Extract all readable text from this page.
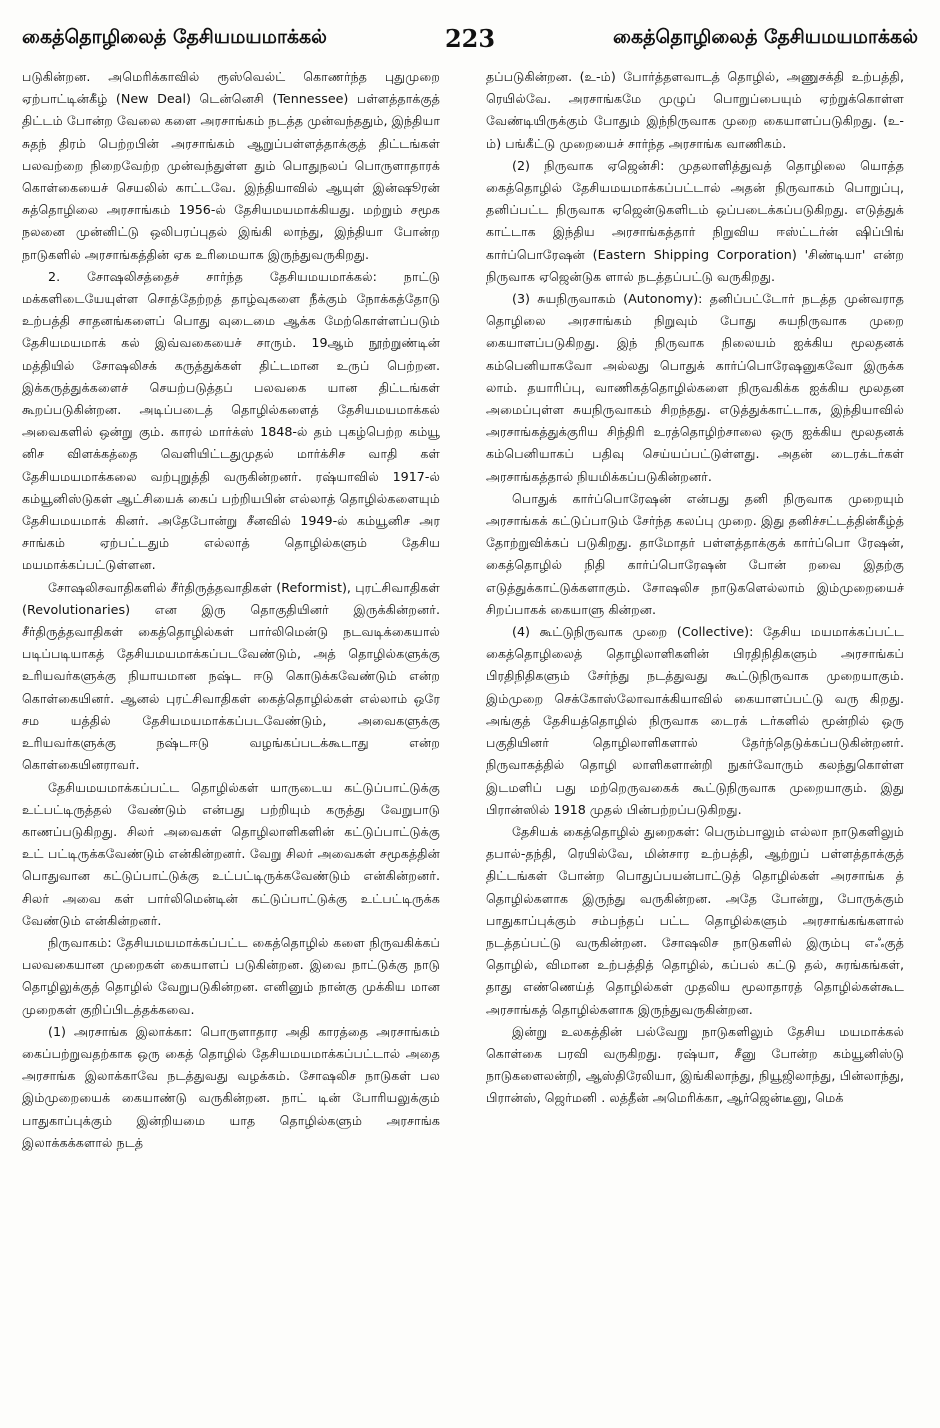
கைத்தொழிலைத் தேசியமயமாக்கல்	223	கைத்தொழிலைத் தேசியமயமாக்கல்

படுகின்றன. அமெரிக்காவில் ரூஸ்வெல்ட் கொணர்ந்த புதுமுறை ஏற்பாட்டின்கீழ் (New Deal) டென்னெசி (Tennessee) பள்ளத்தாக்குத் திட்டம் போன்ற வேலை களை அரசாங்கம் நடத்த முன்வந்ததும், இந்தியா சுதந் திரம் பெற்றபின் அரசாங்கம் ஆறுப்பள்ளத்தாக்குத் திட்டங்கள் பலவற்றை நிறைவேற்ற முன்வந்துள்ள தும் பொதுநலப் பொருளாதாரக் கொள்கையைச் செயலில் காட்டவே. இந்தியாவில் ஆயுள் இன்ஷூரன் சுத்தொழிலை அரசாங்கம் 1956-ல் தேசியமயமாக்கியது. மற்றும் சமூக நலனை முன்னிட்டு ஒலிபரப்புதல் இங்கி லாந்து, இந்தியா போன்ற நாடுகளில் அரசாங்கத்தின் ஏக உரிமையாக இருந்துவருகிறது.

2. சோஷலிசத்தைச் சார்ந்த தேசியமயமாக்கல்: நாட்டு மக்களிடையேயுள்ள சொத்தேற்றத் தாழ்வுகளை நீக்கும் நோக்கத்தோடு உற்பத்தி சாதனங்களைப் பொது வுடைமை ஆக்க மேற்கொள்ளப்படும் தேசியமயமாக் கல் இவ்வகையைச் சாரும். 19ஆம் நூற்றுண்டின் மத்தியில் சோஷலிசக் கருத்துக்கள் திட்டமான உருப் பெற்றன. இக்கருத்துக்களைச் செயற்படுத்தப் பலவகை யான திட்டங்கள் கூறப்படுகின்றன. அடிப்படைத் தொழில்களைத் தேசியமயமாக்கல் அவைகளில் ஒன்று கும். காரல் மார்க்ஸ் 1848-ல் தம் புகழ்பெற்ற கம்யூ னிச விளக்கத்தை வெளியிட்டதுமுதல் மார்க்சிச வாதி கள் தேசியமயமாக்கலை வற்புறுத்தி வருகின்றனர். ரஷ்யாவில் 1917-ல் கம்யூனிஸ்டுகள் ஆட்சியைக் கைப் பற்றியபின் எல்லாத் தொழில்களையும் தேசியமயமாக் கினர். அதேபோன்று சீனவில் 1949-ல் கம்யூனிச அர சாங்கம் ஏற்பட்டதும் எல்லாத் தொழில்களும் தேசிய மயமாக்கப்பட்டுள்ளன.

சோஷலிசவாதிகளில் சீர்திருத்தவாதிகள் (Reformist), புரட்சிவாதிகள் (Revolutionaries) என இரு தொகுதியினர் இருக்கின்றனர். சீர்திருத்தவாதிகள் கைத்தொழில்கள் பார்லிமென்டு நடவடிக்கையால் படிப்படியாகத் தேசியமயமாக்கப்படவேண்டும், அத் தொழில்களுக்கு உரியவர்களுக்கு நியாயமான நஷ்ட ஈடு கொடுக்கவேண்டும் என்ற கொள்கையினர். ஆனல் புரட்சிவாதிகள் கைத்தொழில்கள் எல்லாம் ஒரே சம யத்தில் தேசியமயமாக்கப்படவேண்டும், அவைகளுக்கு உரியவர்களுக்கு நஷ்டஈடு வழங்கப்படக்கூடாது என்ற கொள்கையினராவர்.

தேசியமயமாக்கப்பட்ட தொழில்கள் யாருடைய கட்டுப்பாட்டுக்கு உட்பட்டிருத்தல் வேண்டும் என்பது பற்றியும் கருத்து வேறுபாடு காணப்படுகிறது. சிலர் அவைகள் தொழிலாளிகளின் கட்டுப்பாட்டுக்கு உட் பட்டிருக்கவேண்டும் என்கின்றனர். வேறு சிலர் அவைகள் சமூகத்தின் பொதுவான கட்டுப்பாட்டுக்கு உட்பட்டிருக்கவேண்டும் என்கின்றனர். சிலர் அவை கள் பார்லிமென்டின் கட்டுப்பாட்டுக்கு உட்பட்டிருக்க வேண்டும் என்கின்றனர்.

நிருவாகம்: தேசியமயமாக்கப்பட்ட கைத்தொழில் களை நிருவகிக்கப் பலவகையான முறைகள் கையாளப் படுகின்றன. இவை நாட்டுக்கு நாடு தொழிலுக்குத் தொழில் வேறுபடுகின்றன. எனினும் நான்கு முக்கிய மான முறைகள் குறிப்பிடத்தக்கவை.

(1) அரசாங்க இலாக்கா: பொருளாதார அதி காரத்தை அரசாங்கம் கைப்பற்றுவதற்காக ஒரு கைத் தொழில் தேசியமயமாக்கப்பட்டால் அதை அரசாங்க இலாக்காவே நடத்துவது வழக்கம். சோஷலிச நாடுகள் பல இம்முறையைக் கையாண்டு வருகின்றன. நாட் டின் போரியலுக்கும் பாதுகாப்புக்கும் இன்றியமை யாத தொழில்களும் அரசாங்க இலாக்கக்களால் நடத்

தப்படுகின்றன. (உ-ம்) போர்த்தளவாடத் தொழில், அணுசக்தி உற்பத்தி, ரெயில்வே. அரசாங்கமே முழுப் பொறுப்பையும் ஏற்றுக்கொள்ள வேண்டியிருக்கும் போதும் இந்நிருவாக முறை கையாளப்படுகிறது. (உ-ம்) பங்கீட்டு முறையைச் சார்ந்த அரசாங்க வாணிகம்.

(2) நிருவாக ஏஜென்சி: முதலாளித்துவத் தொழிலை யொத்த கைத்தொழில் தேசியமயமாக்கப்பட்டால் அதன் நிருவாகம் பொறுப்பு, தனிப்பட்ட நிருவாக ஏஜென்டுகளிடம் ஒப்படைக்கப்படுகிறது. எடுத்துக் காட்டாக இந்திய அரசாங்கத்தார் நிறுவிய ஈஸ்ட்டர்ன் ஷிப்பிங் கார்ப்பொரேஷன் (Eastern Shipping Corporation) 'சிண்டியா' என்ற நிருவாக ஏஜென்டுக ளால் நடத்தப்பட்டு வருகிறது.

(3) சுயநிருவாகம் (Autonomy): தனிப்பட்டோர் நடத்த முன்வராத தொழிலை அரசாங்கம் நிறுவும் போது சுயநிருவாக முறை கையாளப்படுகிறது. இந் நிருவாக நிலையம் ஐக்கிய மூலதனக் கம்பெனியாகவோ அல்லது பொதுக் கார்ப்பொரேஷனுகவோ இருக்க லாம். தயாரிப்பு, வாணிகத்தொழில்களை நிருவகிக்க ஐக்கிய மூலதன அமைப்புள்ள சுயநிருவாகம் சிறந்தது. எடுத்துக்காட்டாக, இந்தியாவில் அரசாங்கத்துக்குரிய சிந்திரி உரத்தொழிற்சாலை ஒரு ஐக்கிய மூலதனக் கம்பெனியாகப் பதிவு செய்யப்பட்டுள்ளது. அதன் டைரக்டர்கள் அரசாங்கத்தால் நியமிக்கப்படுகின்றனர்.

பொதுக் கார்ப்பொரேஷன் என்பது தனி நிருவாக முறையும் அரசாங்கக் கட்டுப்பாடும் சேர்ந்த கலப்பு முறை. இது தனிச்சட்டத்தின்கீழ்த் தோற்றுவிக்கப் படுகிறது. தாமோதர் பள்ளத்தாக்குக் கார்ப்பொ ரேஷன், கைத்தொழில் நிதி கார்ப்பொரேஷன் போன் றவை இதற்கு எடுத்துக்காட்டுக்களாகும். சோஷலிச நாடுகளெல்லாம் இம்முறையைச் சிறப்பாகக் கையாளு கின்றன.

(4) கூட்டுநிருவாக முறை (Collective): தேசிய மயமாக்கப்பட்ட கைத்தொழிலைத் தொழிலாளிகளின் பிரதிநிதிகளும் அரசாங்கப் பிரதிநிதிகளும் சேர்ந்து நடத்துவது கூட்டுநிருவாக முறையாகும். இம்முறை செக்கோஸ்லோவாக்கியாவில் கையாளப்பட்டு வரு கிறது. அங்குத் தேசியத்தொழில் நிருவாக டைரக் டர்களில் மூன்றில் ஒரு பகுதியினர் தொழிலாளிகளால் தேர்ந்தெடுக்கப்படுகின்றனர். நிருவாகத்தில் தொழி லாளிகளான்றி நுகர்வோரும் கலந்துகொள்ள இடமளிப் பது மற்றெருவகைக் கூட்டுநிருவாக முறையாகும். இது பிரான்ஸில் 1918 முதல் பின்பற்றப்படுகிறது.

தேசியக் கைத்தொழில் துறைகள்: பெரும்பாலும் எல்லா நாடுகளிலும் தபால்-தந்தி, ரெயில்வே, மின்சார உற்பத்தி, ஆற்றுப் பள்ளத்தாக்குத் திட்டங்கள் போன்ற பொதுப்பயன்பாட்டுத் தொழில்கள் அரசாங்க த் தொழில்களாக இருந்து வருகின்றன. அதே போன்று, போருக்கும் பாதுகாப்புக்கும் சம்பந்தப் பட்ட தொழில்களும் அரசாங்கங்களால் நடத்தப்பட்டு வருகின்றன. சோஷலிச நாடுகளில் இரும்பு எஃகுத் தொழில், விமான உற்பத்தித் தொழில், கப்பல் கட்டு தல், சுரங்கங்கள், தாது எண்ணெய்த் தொழில்கள் முதலிய மூலாதாரத் தொழில்கள்கூட அரசாங்கத் தொழில்களாக இருந்துவருகின்றன.

இன்று உலகத்தின் பல்வேறு நாடுகளிலும் தேசிய மயமாக்கல் கொள்கை பரவி வருகிறது. ரஷ்யா, சீனு போன்ற கம்யூனிஸ்டு நாடுகளைலன்றி, ஆஸ்திரேலியா, இங்கிலாந்து, நியூஜிலாந்து, பின்லாந்து, பிரான்ஸ், ஜெர்மனி . லத்தீன் அமெரிக்கா, ஆர்ஜென்டீனு, மெக்
